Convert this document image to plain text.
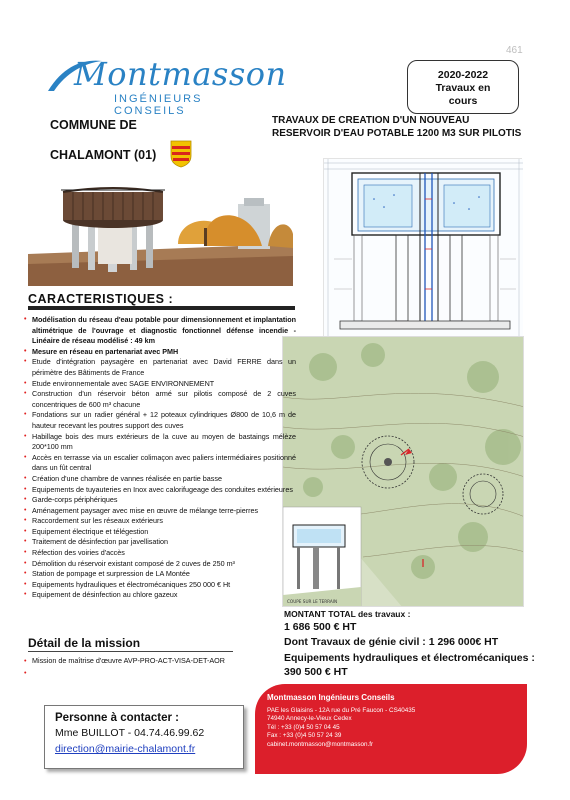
461
Montmasson
INGÉNIEURS CONSEILS
2020-2022
Travaux en
cours
COMMUNE DE
CHALAMONT (01)
TRAVAUX DE CREATION D'UN NOUVEAU RESERVOIR D'EAU POTABLE 1200 M3 SUR PILOTIS
COUPE SUR LE TERRAIN
CARACTERISTIQUES :
• Modélisation du réseau d'eau potable pour dimensionnement et implantation altimétrique de l'ouvrage et diagnostic fonctionnel défense incendie - Linéaire de réseau modélisé : 49 km
• Mesure en réseau en partenariat avec PMH
• Etude d'intégration paysagère en partenariat avec David FERRE dans un périmètre des Bâtiments de France
• Etude environnementale avec SAGE ENVIRONNEMENT
• Construction d'un réservoir béton armé sur pilotis composé de 2 cuves concentriques de 600 m³ chacune
• Fondations sur un radier général + 12 poteaux cylindriques Ø800 de 10,6 m de hauteur recevant les poutres support des cuves
• Habillage bois des murs extérieurs de la cuve au moyen de bastaings mélèze 200*100 mm
• Accès en terrasse via un escalier colimaçon avec paliers intermédiaires positionné dans un fût central
• Création d'une chambre de vannes réalisée en partie basse
• Equipements de tuyauteries en Inox avec calorifugeage des conduites extérieures
• Garde-corps périphériques
• Aménagement paysager avec mise en œuvre de mélange terre-pierres
• Raccordement sur les réseaux extérieurs
• Equipement électrique et télégestion
• Traitement de désinfection par javellisation
• Réfection des voiries d'accès
• Démolition du réservoir existant composé de 2 cuves de 250 m³
• Station de pompage et surpression de LA Montée
• Equipements hydrauliques et électromécaniques 250 000 € Ht
• Equipement de désinfection au chlore gazeux
Détail de la mission
• Mission de maîtrise d'œuvre AVP-PRO-ACT-VISA-DET-AOR
MONTANT TOTAL des travaux :
1 686 500 € HT
Dont Travaux de génie civil : 1 296 000€ HT
Equipements hydrauliques et électromécaniques :
390 500 € HT
Personne à contacter :
Mme BUILLOT - 04.74.46.99.62
direction@mairie-chalamont.fr
Montmasson Ingénieurs Conseils
PAE les Glaisins - 12A rue du Pré Faucon - CS40435
74940 Annecy-le-Vieux Cedex
Tél : +33 (0)4 50 57 04 45
Fax : +33 (0)4 50 57 24 39
cabinet.montmasson@montmasson.fr
